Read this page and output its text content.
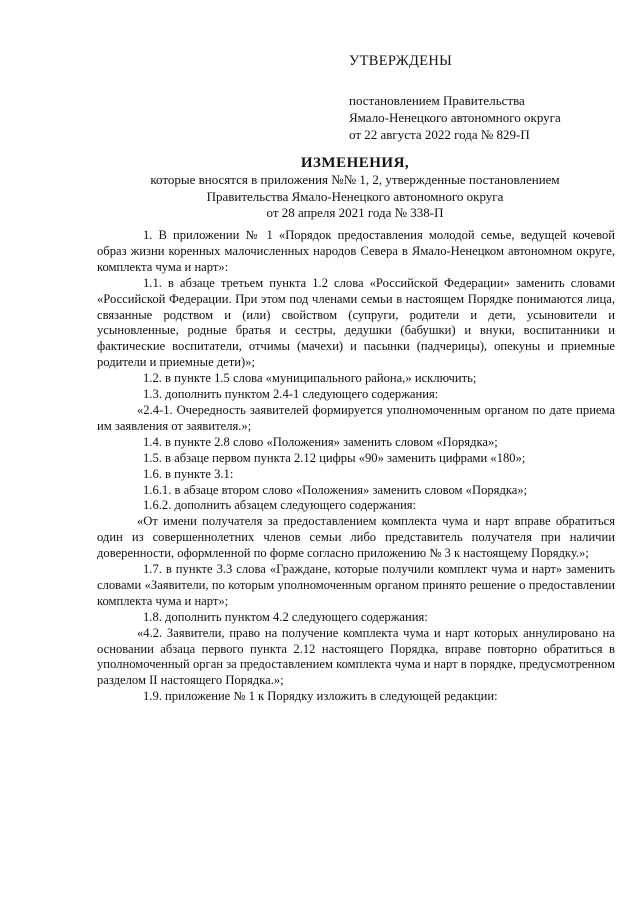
УТВЕРЖДЕНЫ
постановлением Правительства
Ямало-Ненецкого автономного округа
от 22 августа 2022 года № 829-П
ИЗМЕНЕНИЯ,
которые вносятся в приложения №№ 1, 2, утвержденные постановлением
Правительства Ямало-Ненецкого автономного округа
от 28 апреля 2021 года № 338-П

1. В приложении № 1 «Порядок предоставления молодой семье, ведущей кочевой образ жизни коренных малочисленных народов Севера в Ямало-Ненецком автономном округе, комплекта чума и нарт»:

1.1. в абзаце третьем пункта 1.2 слова «Российской Федерации» заменить словами «Российской Федерации. При этом под членами семьи в настоящем Порядке понимаются лица, связанные родством и (или) свойством (супруги, родители и дети, усыновители и усыновленные, родные братья и сестры, дедушки (бабушки) и внуки, воспитанники и фактические воспитатели, отчимы (мачехи) и пасынки (падчерицы), опекуны и приемные родители и приемные дети)»;

1.2. в пункте 1.5 слова «муниципального района,» исключить;

1.3. дополнить пунктом 2.4-1 следующего содержания:

«2.4-1. Очередность заявителей формируется уполномоченным органом по дате приема им заявления от заявителя.»;

1.4. в пункте 2.8 слово «Положения» заменить словом «Порядка»;

1.5. в абзаце первом пункта 2.12 цифры «90» заменить цифрами «180»;

1.6. в пункте 3.1:

1.6.1. в абзаце втором слово «Положения» заменить словом «Порядка»;

1.6.2. дополнить абзацем следующего содержания:

«От имени получателя за предоставлением комплекта чума и нарт вправе обратиться один из совершеннолетних членов семьи либо представитель получателя при наличии доверенности, оформленной по форме согласно приложению № 3 к настоящему Порядку.»;

1.7. в пункте 3.3 слова «Граждане, которые получили комплект чума и нарт» заменить словами «Заявители, по которым уполномоченным органом принято решение о предоставлении комплекта чума и нарт»;

1.8. дополнить пунктом 4.2 следующего содержания:

«4.2. Заявители, право на получение комплекта чума и нарт которых аннулировано на основании абзаца первого пункта 2.12 настоящего Порядка, вправе повторно обратиться в уполномоченный орган за предоставлением комплекта чума и нарт в порядке, предусмотренном разделом II настоящего Порядка.»;

1.9. приложение № 1 к Порядку изложить в следующей редакции:
